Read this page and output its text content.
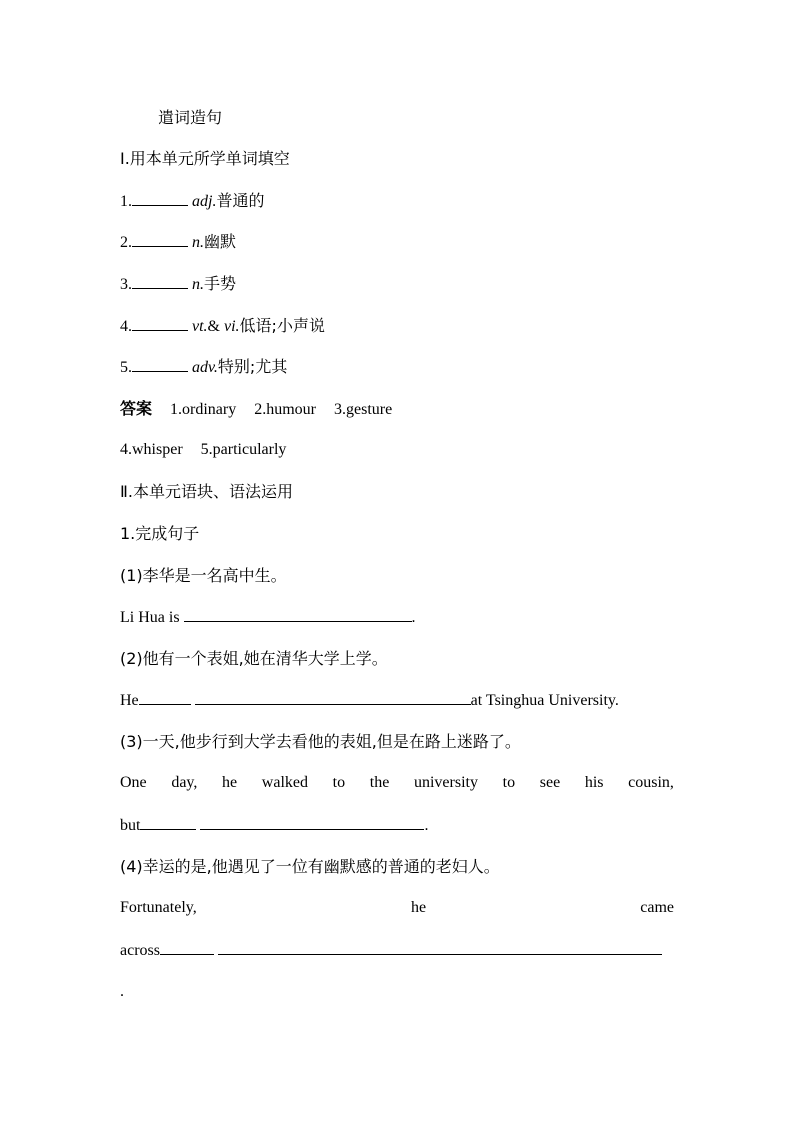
遣词造句
Ⅰ.用本单元所学单词填空
1.	adj.普通的
2.	n.幽默
3.	n.手势
4.	vt.& vi.低语;小声说
5.	adv.特别;尤其
答案 1.ordinary 2.humour 3.gesture
4.whisper 5.particularly
Ⅱ.本单元语块、语法运用
1.完成句子
(1)李华是一名高中生。
Li Hua is	.
(2)他有一个表姐,她在清华大学上学。
He	at Tsinghua University.
(3)一天,他步行到大学去看他的表姐,但是在路上迷路了。
One day, he walked to the university to see his cousin,
but	.
(4)幸运的是,他遇见了一位有幽默感的普通的老妇人。
Fortunately,	he	came
across
.
